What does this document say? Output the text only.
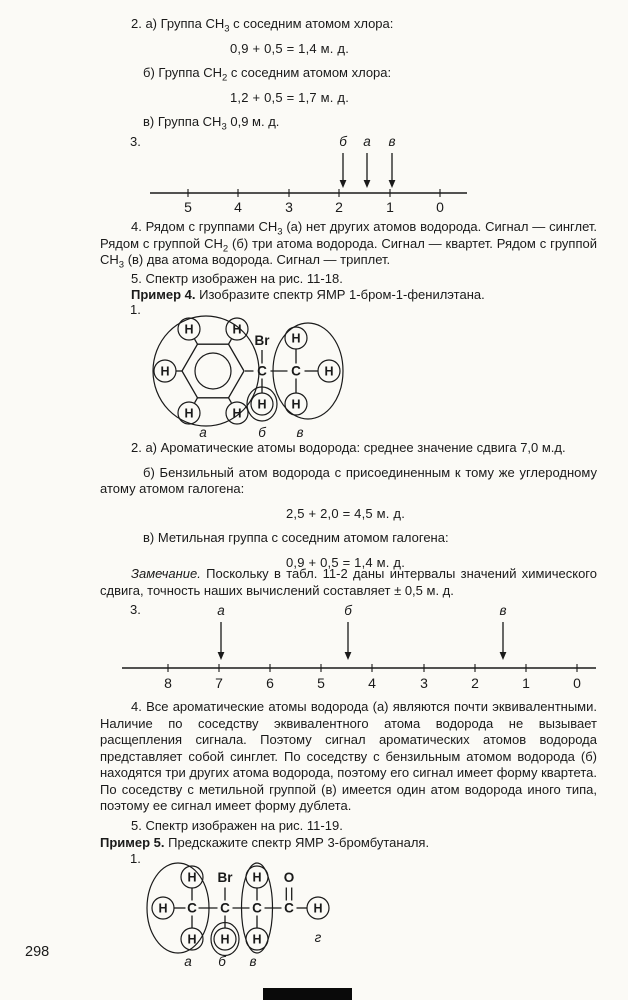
2. а) Группа $CH_3$ с соседним атомом хлора:

0,9 + 0,5 = 1,4 м. д.

б) Группа $CH_2$ с соседним атомом хлора:

1,2 + 0,5 = 1,7 м. д.

в) Группа $CH_3$ 0,9 м. д.

3.	б а в
5	4	3	2	1	0
4. Рядом с группами $CH_3$ (а) нет других атомов водорода. Сигнал — синглет. Рядом с группой $CH_2$ (б) три атома водорода. Сигнал — квартет. Рядом с группой $CH_3$ (в) два атома водорода. Сигнал — триплет.
5. Спектр изображен на рис. 11-18.
Пример 4. Изобразите спектр ЯМР 1-бром-1-фенилэтана.
1.
H
H
H
H	H
Br
C C
H
H
H
H
а	б в

2. а) Ароматические атомы водорода: среднее значение сдвига 7,0 м.д.

б) Бензильный атом водорода с присоединенным к тому же углеродному атому атомом галогена:

2,5 + 2,0 = 4,5 м. д.

в) Метильная группа с соседним атомом галогена:

0,9 + 0,5 = 1,4 м. д.

Замечание. Поскольку в табл. 11-2 даны интервалы значений химического сдвига, точность наших вычислений составляет ± 0,5 м. д.
3.	а	б	в
8	7	6	5	4	3	2	1	0
4. Все ароматические атомы водорода (а) являются почти эквивалентными. Наличие по соседству эквивалентного атома водорода не вызывает расщепления сигнала. Поэтому сигнал ароматических атомов водорода представляет собой синглет. По соседству с бензильным атомом водорода (б) находятся три других атома водорода, поэтому его сигнал имеет форму квартета. По соседству с метильной группой (в) имеется один атом водорода иного типа, поэтому ее сигнал имеет форму дублета.
5. Спектр изображен на рис. 11-19.
Пример 5. Предскажите спектр ЯМР 3-бромбутаналя.
1.
C C C C
Br	O
H
H
H H
H
H
H
г
а б в
298
